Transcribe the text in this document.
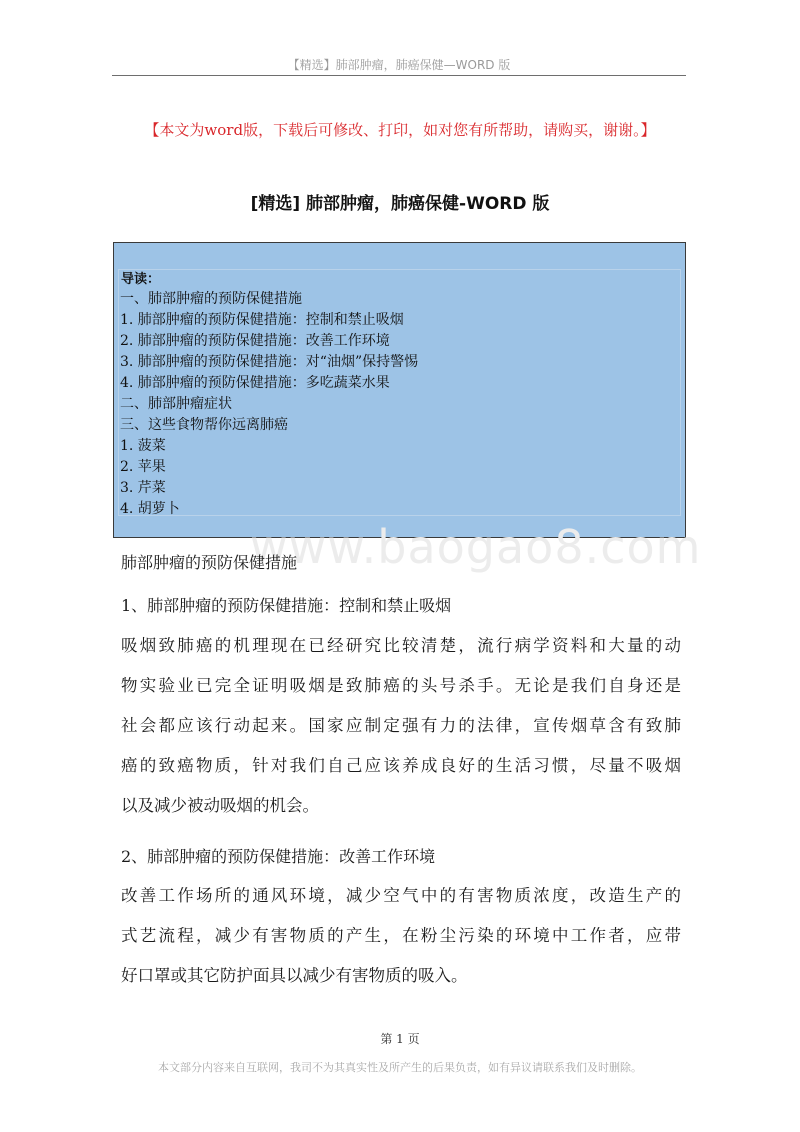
【精选】肺部肿瘤，肺癌保健—WORD 版
【本文为word版，下载后可修改、打印，如对您有所帮助，请购买，谢谢。】
[精选] 肺部肿瘤，肺癌保健-WORD 版
导读：
一、肺部肿瘤的预防保健措施
1. 肺部肿瘤的预防保健措施：控制和禁止吸烟
2. 肺部肿瘤的预防保健措施：改善工作环境
3. 肺部肿瘤的预防保健措施：对“油烟”保持警惕
4. 肺部肿瘤的预防保健措施：多吃蔬菜水果
二、肺部肿瘤症状
三、这些食物帮你远离肺癌
1. 菠菜
2. 苹果
3. 芹菜
4. 胡萝卜
www.baogao8.com
肺部肿瘤的预防保健措施
1、肺部肿瘤的预防保健措施：控制和禁止吸烟
吸烟致肺癌的机理现在已经研究比较清楚，流行病学资料和大量的动
物实验业已完全证明吸烟是致肺癌的头号杀手。无论是我们自身还是
社会都应该行动起来。国家应制定强有力的法律，宣传烟草含有致肺
癌的致癌物质，针对我们自己应该养成良好的生活习惯，尽量不吸烟
以及减少被动吸烟的机会。
2、肺部肿瘤的预防保健措施：改善工作环境
改善工作场所的通风环境，减少空气中的有害物质浓度，改造生产的
式艺流程，减少有害物质的产生，在粉尘污染的环境中工作者，应带
好口罩或其它防护面具以减少有害物质的吸入。
第 1 页
本文部分内容来自互联网，我司不为其真实性及所产生的后果负责，如有异议请联系我们及时删除。
